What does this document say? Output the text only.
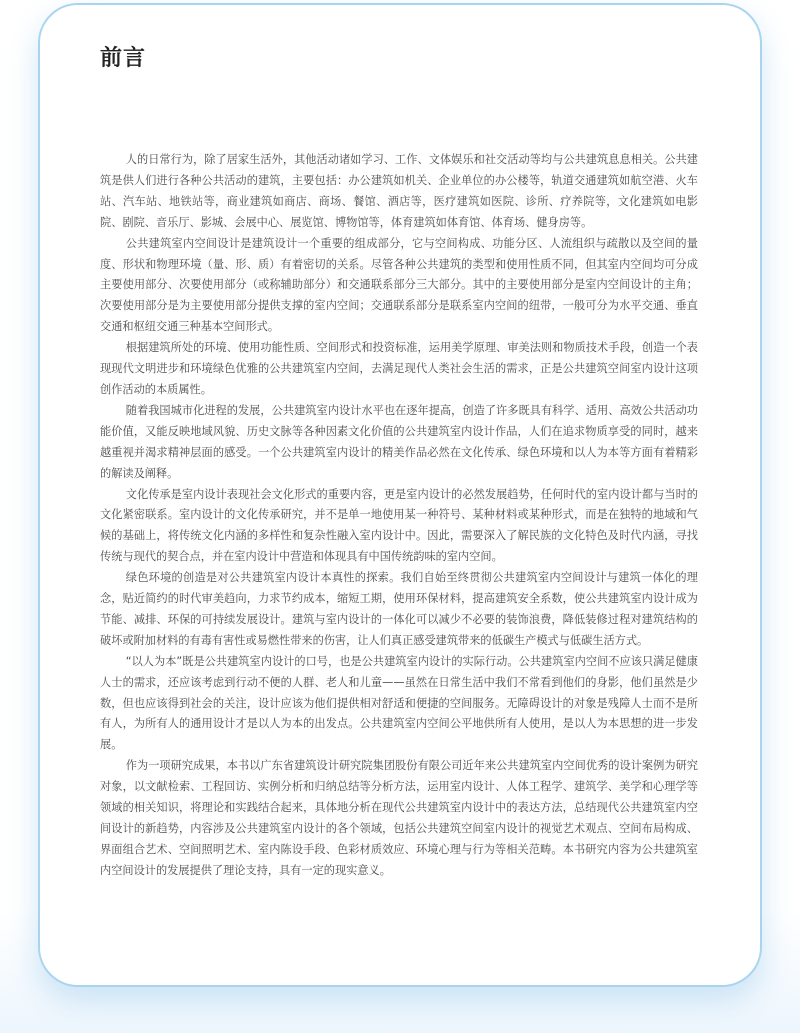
前言

人的日常行为，除了居家生活外，其他活动诸如学习、工作、文体娱乐和社交活动等均与公共建筑息息相关。公共建筑是供人们进行各种公共活动的建筑，主要包括：办公建筑如机关、企业单位的办公楼等，轨道交通建筑如航空港、火车站、汽车站、地铁站等，商业建筑如商店、商场、餐馆、酒店等，医疗建筑如医院、诊所、疗养院等，文化建筑如电影院、剧院、音乐厅、影城、会展中心、展览馆、博物馆等，体育建筑如体育馆、体育场、健身房等。

公共建筑室内空间设计是建筑设计一个重要的组成部分，它与空间构成、功能分区、人流组织与疏散以及空间的量度、形状和物理环境（量、形、质）有着密切的关系。尽管各种公共建筑的类型和使用性质不同，但其室内空间均可分成主要使用部分、次要使用部分（或称辅助部分）和交通联系部分三大部分。其中的主要使用部分是室内空间设计的主角；次要使用部分是为主要使用部分提供支撑的室内空间；交通联系部分是联系室内空间的纽带，一般可分为水平交通、垂直交通和枢纽交通三种基本空间形式。

根据建筑所处的环境、使用功能性质、空间形式和投资标准，运用美学原理、审美法则和物质技术手段，创造一个表现现代文明进步和环境绿色优雅的公共建筑室内空间，去满足现代人类社会生活的需求，正是公共建筑空间室内设计这项创作活动的本质属性。

随着我国城市化进程的发展，公共建筑室内设计水平也在逐年提高，创造了许多既具有科学、适用、高效公共活动功能价值，又能反映地域风貌、历史文脉等各种因素文化价值的公共建筑室内设计作品，人们在追求物质享受的同时，越来越重视并渴求精神层面的感受。一个公共建筑室内设计的精美作品必然在文化传承、绿色环境和以人为本等方面有着精彩的解读及阐释。

文化传承是室内设计表现社会文化形式的重要内容，更是室内设计的必然发展趋势，任何时代的室内设计都与当时的文化紧密联系。室内设计的文化传承研究，并不是单一地使用某一种符号、某种材料或某种形式，而是在独特的地域和气候的基础上，将传统文化内涵的多样性和复杂性融入室内设计中。因此，需要深入了解民族的文化特色及时代内涵，寻找传统与现代的契合点，并在室内设计中营造和体现具有中国传统韵味的室内空间。

绿色环境的创造是对公共建筑室内设计本真性的探索。我们自始至终贯彻公共建筑室内空间设计与建筑一体化的理念，贴近简约的时代审美趋向，力求节约成本，缩短工期，使用环保材料，提高建筑安全系数，使公共建筑室内设计成为节能、减排、环保的可持续发展设计。建筑与室内设计的一体化可以减少不必要的装饰浪费，降低装修过程对建筑结构的破坏或附加材料的有毒有害性或易燃性带来的伤害，让人们真正感受建筑带来的低碳生产模式与低碳生活方式。

“以人为本”既是公共建筑室内设计的口号，也是公共建筑室内设计的实际行动。公共建筑室内空间不应该只满足健康人士的需求，还应该考虑到行动不便的人群、老人和儿童——虽然在日常生活中我们不常看到他们的身影，他们虽然是少数，但也应该得到社会的关注，设计应该为他们提供相对舒适和便捷的空间服务。无障碍设计的对象是残障人士而不是所有人，为所有人的通用设计才是以人为本的出发点。公共建筑室内空间公平地供所有人使用，是以人为本思想的进一步发展。

作为一项研究成果，本书以广东省建筑设计研究院集团股份有限公司近年来公共建筑室内空间优秀的设计案例为研究对象，以文献检索、工程回访、实例分析和归纳总结等分析方法，运用室内设计、人体工程学、建筑学、美学和心理学等领域的相关知识，将理论和实践结合起来，具体地分析在现代公共建筑室内设计中的表达方法，总结现代公共建筑室内空间设计的新趋势，内容涉及公共建筑室内设计的各个领域，包括公共建筑空间室内设计的视觉艺术观点、空间布局构成、界面组合艺术、空间照明艺术、室内陈设手段、色彩材质效应、环境心理与行为等相关范畴。本书研究内容为公共建筑室内空间设计的发展提供了理论支持，具有一定的现实意义。
